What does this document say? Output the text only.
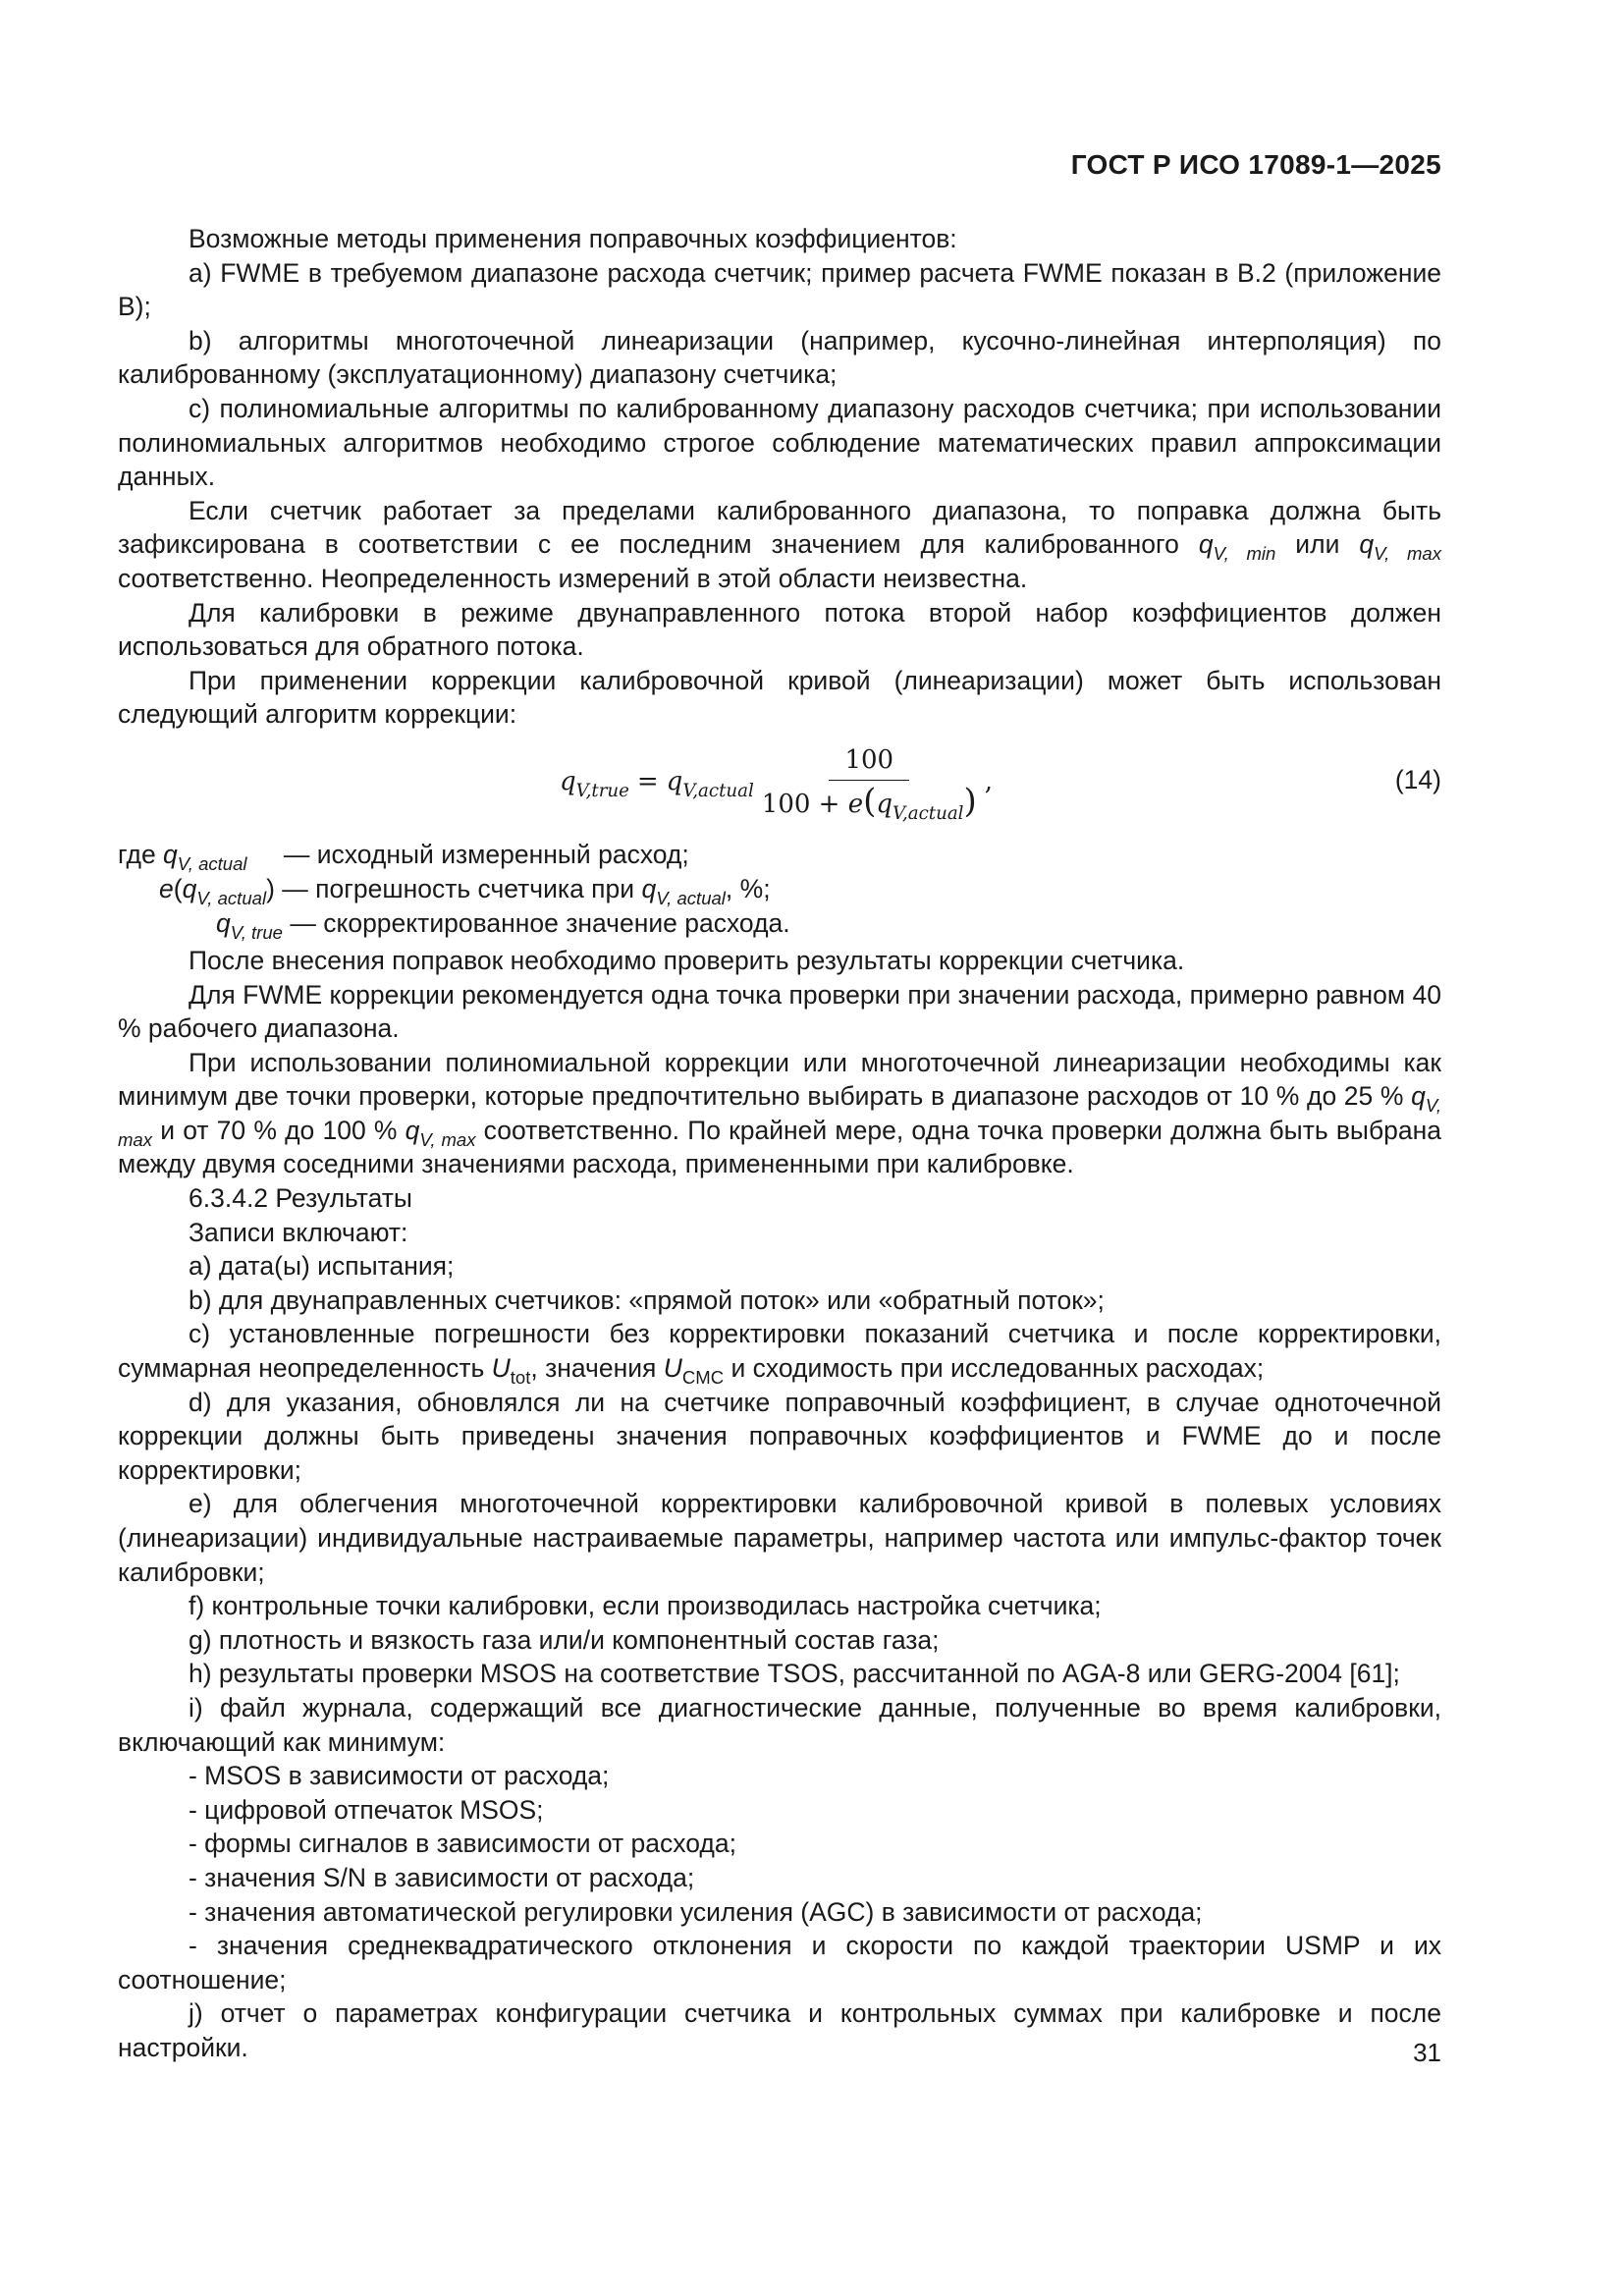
ГОСТ Р ИСО 17089-1—2025

Возможные методы применения поправочных коэффициентов:

a) FWME в требуемом диапазоне расхода счетчик; пример расчета FWME показан в В.2 (приложение В);

b) алгоритмы многоточечной линеаризации (например, кусочно-линейная интерполяция) по калиброванному (эксплуатационному) диапазону счетчика;

c) полиномиальные алгоритмы по калиброванному диапазону расходов счетчика; при использовании полиномиальных алгоритмов необходимо строгое соблюдение математических правил аппроксимации данных.

Если счетчик работает за пределами калиброванного диапазона, то поправка должна быть зафиксирована в соответствии с ее последним значением для калиброванного $q_{V, min}$ или $q_{V, max}$ соответственно. Неопределенность измерений в этой области неизвестна.

Для калибровки в режиме двунаправленного потока второй набор коэффициентов должен использоваться для обратного потока.

При применении коррекции калибровочной кривой (линеаризации) может быть использован следующий алгоритм коррекции:

$q_{V,true} = q_{V,actual} \frac{100}{100 + e(q_{V,actual})}$ ,	(14)
где $q_{V, actual}$ — исходный измеренный расход;
$e(q_{V, actual})$ — погрешность счетчика при $q_{V, actual}$, %;
$q_{V, true}$ — скорректированное значение расхода.

После внесения поправок необходимо проверить результаты коррекции счетчика.

Для FWME коррекции рекомендуется одна точка проверки при значении расхода, примерно равном 40 % рабочего диапазона.

При использовании полиномиальной коррекции или многоточечной линеаризации необходимы как минимум две точки проверки, которые предпочтительно выбирать в диапазоне расходов от 10 % до 25 % $q_{V, max}$ и от 70 % до 100 % $q_{V, max}$ соответственно. По крайней мере, одна точка проверки должна быть выбрана между двумя соседними значениями расхода, примененными при калибровке.

6.3.4.2 Результаты

Записи включают:

a) дата(ы) испытания;

b) для двунаправленных счетчиков: «прямой поток» или «обратный поток»;

c) установленные погрешности без корректировки показаний счетчика и после корректировки, суммарная неопределенность $U_{tot}$, значения $U_{CMC}$ и сходимость при исследованных расходах;

d) для указания, обновлялся ли на счетчике поправочный коэффициент, в случае одноточечной коррекции должны быть приведены значения поправочных коэффициентов и FWME до и после корректировки;

e) для облегчения многоточечной корректировки калибровочной кривой в полевых условиях (линеаризации) индивидуальные настраиваемые параметры, например частота или импульс-фактор точек калибровки;

f) контрольные точки калибровки, если производилась настройка счетчика;

g) плотность и вязкость газа или/и компонентный состав газа;

h) результаты проверки MSOS на соответствие TSOS, рассчитанной по AGA-8 или GERG-2004 [61];

i) файл журнала, содержащий все диагностические данные, полученные во время калибровки, включающий как минимум:

- MSOS в зависимости от расхода;

- цифровой отпечаток MSOS;

- формы сигналов в зависимости от расхода;

- значения S/N в зависимости от расхода;

- значения автоматической регулировки усиления (AGC) в зависимости от расхода;

- значения среднеквадратического отклонения и скорости по каждой траектории USMP и их соотношение;

j) отчет о параметрах конфигурации счетчика и контрольных суммах при калибровке и после настройки.	31
